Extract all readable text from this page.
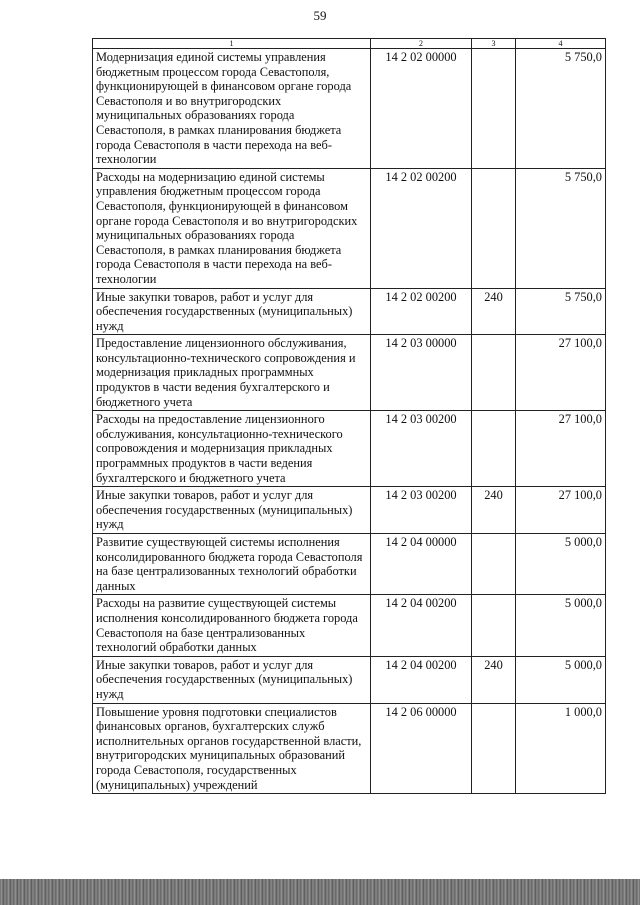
59
1	2	3	4
Модернизация единой системы управления бюджетным процессом города Севастополя, функционирующей в финансовом органе города Севастополя и во внутригородских муниципальных образованиях города Севастополя, в рамках планирования бюджета города Севастополя в части перехода на веб-технологии	14 2 02 00000		5 750,0
Расходы на модернизацию единой системы управления бюджетным процессом города Севастополя, функционирующей в финансовом органе города Севастополя и во внутригородских муниципальных образованиях города Севастополя, в рамках планирования бюджета города Севастополя в части перехода на веб-технологии	14 2 02 00200		5 750,0
Иные закупки товаров, работ и услуг для обеспечения государственных (муниципальных) нужд	14 2 02 00200	240	5 750,0
Предоставление лицензионного обслуживания, консультационно-технического сопровождения и модернизация прикладных программных продуктов в части ведения бухгалтерского и бюджетного учета	14 2 03 00000		27 100,0
Расходы на предоставление лицензионного обслуживания, консультационно-технического сопровождения и модернизация прикладных программных продуктов в части ведения бухгалтерского и бюджетного учета	14 2 03 00200		27 100,0
Иные закупки товаров, работ и услуг для обеспечения государственных (муниципальных) нужд	14 2 03 00200	240	27 100,0
Развитие существующей системы исполнения консолидированного бюджета города Севастополя на базе централизованных технологий обработки данных	14 2 04 00000		5 000,0
Расходы на развитие существующей системы исполнения консолидированного бюджета города Севастополя на базе централизованных технологий обработки данных	14 2 04 00200		5 000,0
Иные закупки товаров, работ и услуг для обеспечения государственных (муниципальных) нужд	14 2 04 00200	240	5 000,0
Повышение уровня подготовки специалистов финансовых органов, бухгалтерских служб исполнительных органов государственной власти, внутригородских муниципальных образований города Севастополя, государственных (муниципальных) учреждений	14 2 06 00000		1 000,0
